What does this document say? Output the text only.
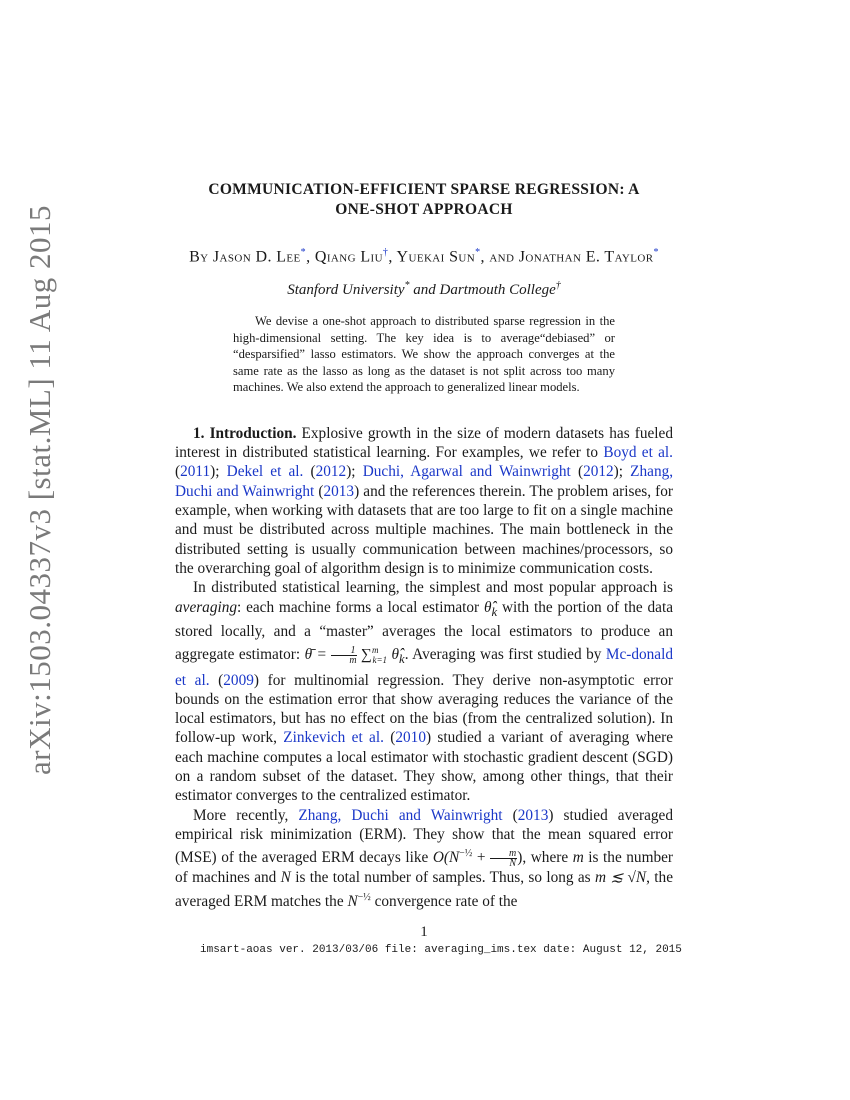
arXiv:1503.04337v3 [stat.ML] 11 Aug 2015
COMMUNICATION-EFFICIENT SPARSE REGRESSION: A
ONE-SHOT APPROACH
By Jason D. Lee*, Qiang Liu†, Yuekai Sun*, and Jonathan E. Taylor*
Stanford University* and Dartmouth College†

We devise a one-shot approach to distributed sparse regression in the high-dimensional setting. The key idea is to average“debiased” or “desparsified” lasso estimators. We show the approach converges at the same rate as the lasso as long as the dataset is not split across too many machines. We also extend the approach to generalized linear models.

1. Introduction. Explosive growth in the size of modern datasets has fueled interest in distributed statistical learning. For examples, we refer to Boyd et al. (2011); Dekel et al. (2012); Duchi, Agarwal and Wainwright (2012); Zhang, Duchi and Wainwright (2013) and the references therein. The problem arises, for example, when working with datasets that are too large to fit on a single machine and must be distributed across multiple machines. The main bottleneck in the distributed setting is usually communication between machines/processors, so the overarching goal of algorithm design is to minimize communication costs.

In distributed statistical learning, the simplest and most popular approach is averaging: each machine forms a local estimator $\thetâ_k$ with the portion of the data stored locally, and a “master” averages the local estimators to produce an aggregate estimator: θ̄ = $\frac{1}{m} \sum^m_{k=1}$ $\thetâ_k$. Averaging was first studied by Mc-donald et al. (2009) for multinomial regression. They derive non-asymptotic error bounds on the estimation error that show averaging reduces the variance of the local estimators, but has no effect on the bias (from the centralized solution). In follow-up work, Zinkevich et al. (2010) studied a variant of averaging where each machine computes a local estimator with stochastic gradient descent (SGD) on a random subset of the dataset. They show, among other things, that their estimator converges to the centralized estimator.

More recently, Zhang, Duchi and Wainwright (2013) studied averaged empirical risk minimization (ERM). They show that the mean squared error (MSE) of the averaged ERM decays like $O(N^{-\frac{1}{2}} + \frac{m}{N}$ ), where m is the number of machines and N is the total number of samples. Thus, so long as m ≲ √N, the averaged ERM matches the $N^{-\frac{1}{2}}$ convergence rate of the

1
imsart-aoas ver. 2013/03/06 file: averaging_ims.tex date: August 12, 2015
